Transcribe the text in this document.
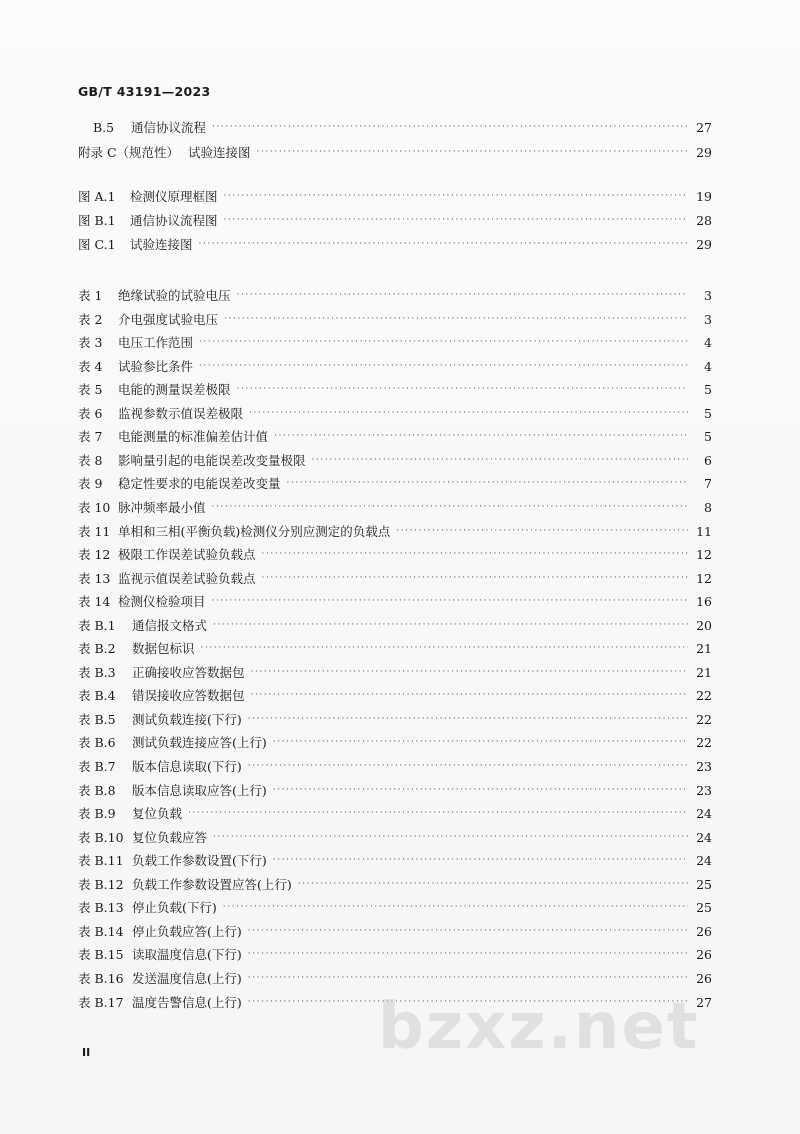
GB/T 43191—2023
B.5 通信协议流程 ·····	27
附录 C（规范性） 试验连接图 ·····	29
图 A.1 检测仪原理框图 ·····	19
图 B.1 通信协议流程图 ·····	28
图 C.1 试验连接图 ·····	29
表 1 绝缘试验的试验电压 ·····	3
表 2 介电强度试验电压 ·····	3
表 3 电压工作范围 ·····	4
表 4 试验参比条件 ·····	4
表 5 电能的测量误差极限 ·····	5
表 6 监视参数示值误差极限 ·····	5
表 7 电能测量的标准偏差估计值 ·····	5
表 8 影响量引起的电能误差改变量极限 ·····	6
表 9 稳定性要求的电能误差改变量 ·····	7
表 10 脉冲频率最小值 ·····	8
表 11 单相和三相(平衡负载)检测仪分别应测定的负载点 ·····	11
表 12 极限工作误差试验负载点 ·····	12
表 13 监视示值误差试验负载点 ·····	12
表 14 检测仪检验项目 ·····	16
表 B.1 通信报文格式 ·····	20
表 B.2 数据包标识 ·····	21
表 B.3 正确接收应答数据包 ·····	21
表 B.4 错误接收应答数据包 ·····	22
表 B.5 测试负载连接(下行) ·····	22
表 B.6 测试负载连接应答(上行) ·····	22
表 B.7 版本信息读取(下行) ·····	23
表 B.8 版本信息读取应答(上行) ·····	23
表 B.9 复位负载 ·····	24
表 B.10 复位负载应答 ·····	24
表 B.11 负载工作参数设置(下行) ·····	24
表 B.12 负载工作参数设置应答(上行) ·····	25
表 B.13 停止负载(下行) ·····	25
表 B.14 停止负载应答(上行) ·····	26
表 B.15 读取温度信息(下行) ·····	26
表 B.16 发送温度信息(上行) ·····	26
表 B.17 温度告警信息(上行) ·····	27
II	bzxz.net
